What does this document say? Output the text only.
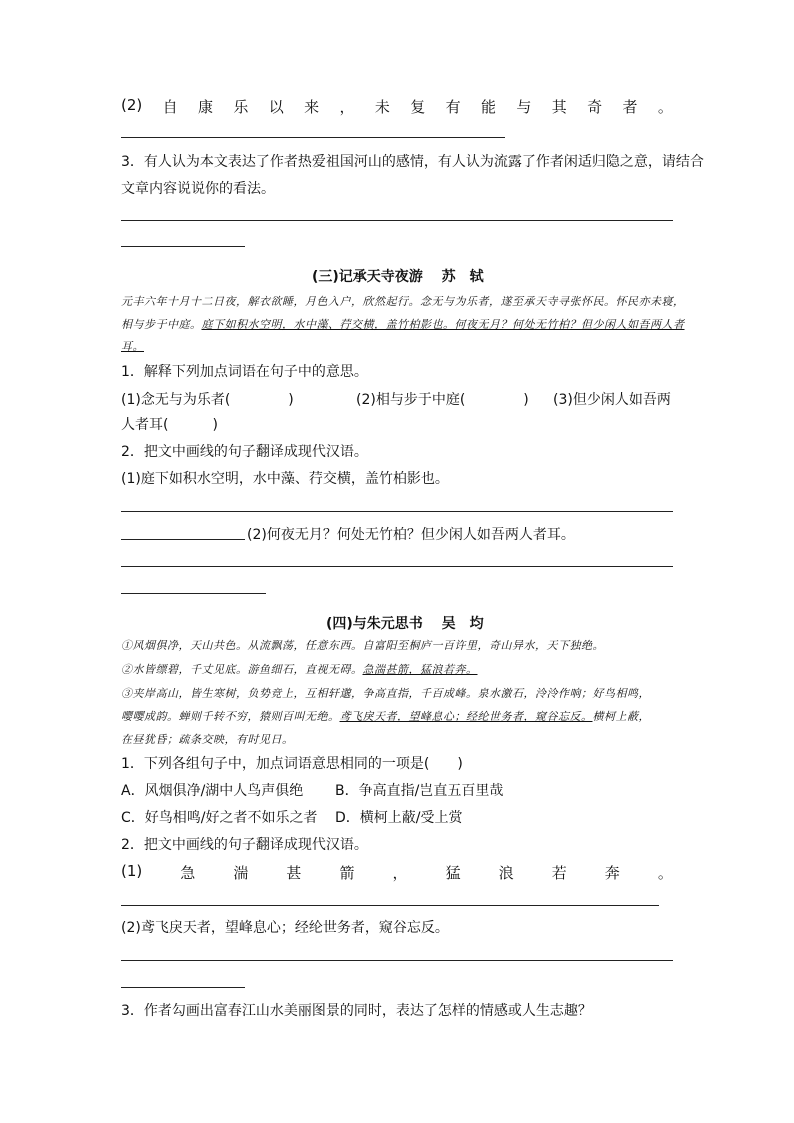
(2) 自 康 乐 以 来 ， 未 复 有 能 与 其 奇 者 。
3．有人认为本文表达了作者热爱祖国河山的感情，有人认为流露了作者闲适归隐之意，请结合
文章内容说说你的看法。
(三)记承天寺夜游 苏　轼
元丰六年十月十二日夜，解衣欲睡，月色入户，欣然起行。念无与为乐者，遂至承天寺寻张怀民。怀民亦未寝，
相与步于中庭。庭下如积水空明，水中藻、荇交横，盖竹柏影也。何夜无月？何处无竹柏？但少闲人如吾两人者
耳。
1．解释下列加点词语在句子中的意思。
(1)念无与为乐者(	)	(2)相与步于中庭(	) (3)但少闲人如吾两
人者耳(	)
2．把文中画线的句子翻译成现代汉语。
(1)庭下如积水空明，水中藻、荇交横，盖竹柏影也。
(2)何夜无月？何处无竹柏？但少闲人如吾两人者耳。
(四)与朱元思书 吴　均
①风烟俱净，天山共色。从流飘荡，任意东西。自富阳至桐庐一百许里，奇山异水，天下独绝。
②水皆缥碧，千丈见底。游鱼细石，直视无碍。急湍甚箭，猛浪若奔。
③夹岸高山，皆生寒树，负势竞上，互相轩邈，争高直指，千百成峰。泉水激石，泠泠作响；好鸟相鸣，
嘤嘤成韵。蝉则千转不穷，猿则百叫无绝。鸢飞戾天者，望峰息心；经纶世务者，窥谷忘反。横柯上蔽，
在昼犹昏；疏条交映，有时见日。
1．下列各组句子中，加点词语意思相同的一项是(　　)
A．风烟俱净/湖中人鸟声俱绝 B．争高直指/岂直五百里哉
C．好鸟相鸣/好之者不如乐之者 D．横柯上蔽/受上赏
2．把文中画线的句子翻译成现代汉语。
(1)	急	湍	甚	箭	，	猛	浪	若	奔	。
(2)鸢飞戾天者，望峰息心；经纶世务者，窥谷忘反。
3．作者勾画出富春江山水美丽图景的同时，表达了怎样的情感或人生志趣？
